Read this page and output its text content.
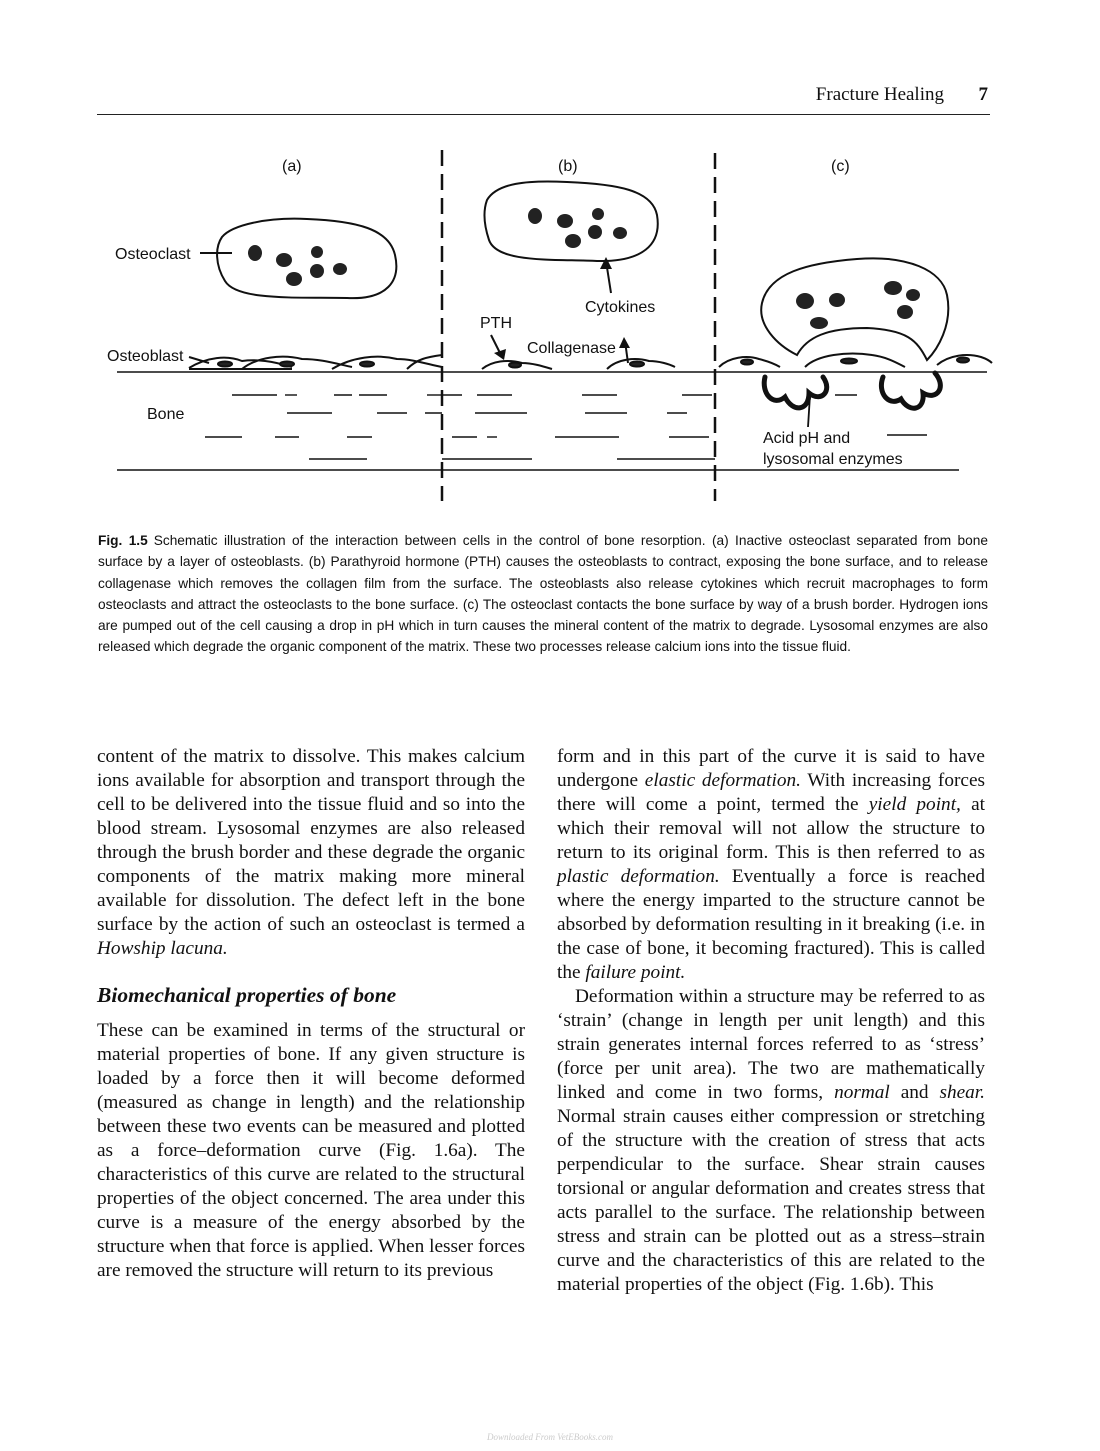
Fracture Healing 7
(a)	(b)	(c)
Osteoclast
Osteoblast
Cytokines
PTH
Collagenase
Acid pH and
lysosomal enzymes
Bone
Fig. 1.5 Schematic illustration of the interaction between cells in the control of bone resorption. (a) Inactive osteoclast separated from bone surface by a layer of osteoblasts. (b) Parathyroid hormone (PTH) causes the osteoblasts to contract, exposing the bone surface, and to release collagenase which removes the collagen film from the surface. The osteoblasts also release cytokines which recruit macrophages to form osteoclasts and attract the osteoclasts to the bone surface. (c) The osteoclast contacts the bone surface by way of a brush border. Hydrogen ions are pumped out of the cell causing a drop in pH which in turn causes the mineral content of the matrix to degrade. Lysosomal enzymes are also released which degrade the organic component of the matrix. These two processes release calcium ions into the tissue fluid.

content of the matrix to dissolve. This makes calcium ions available for absorption and transport through the cell to be delivered into the tissue fluid and so into the blood stream. Lysosomal enzymes are also released through the brush border and these degrade the organic components of the matrix making more mineral available for dissolution. The defect left in the bone surface by the action of such an osteoclast is termed a Howship lacuna.

Biomechanical properties of bone

These can be examined in terms of the structural or material properties of bone. If any given structure is loaded by a force then it will become deformed (measured as change in length) and the relationship between these two events can be measured and plotted as a force–deformation curve (Fig. 1.6a). The characteristics of this curve are related to the structural properties of the object concerned. The area under this curve is a measure of the energy absorbed by the structure when that force is applied. When lesser forces are removed the structure will return to its previous

form and in this part of the curve it is said to have undergone elastic deformation. With increasing forces there will come a point, termed the yield point, at which their removal will not allow the structure to return to its original form. This is then referred to as plastic deformation. Eventually a force is reached where the energy imparted to the structure cannot be absorbed by deformation resulting in it breaking (i.e. in the case of bone, it becoming fractured). This is called the failure point.

Deformation within a structure may be referred to as ‘strain’ (change in length per unit length) and this strain generates internal forces referred to as ‘stress’ (force per unit area). The two are mathematically linked and come in two forms, normal and shear. Normal strain causes either compression or stretching of the structure with the creation of stress that acts perpendicular to the surface. Shear strain causes torsional or angular deformation and creates stress that acts parallel to the surface. The relationship between stress and strain can be plotted out as a stress–strain curve and the characteristics of this are related to the material properties of the object (Fig. 1.6b). This

Downloaded From VetEBooks.com
